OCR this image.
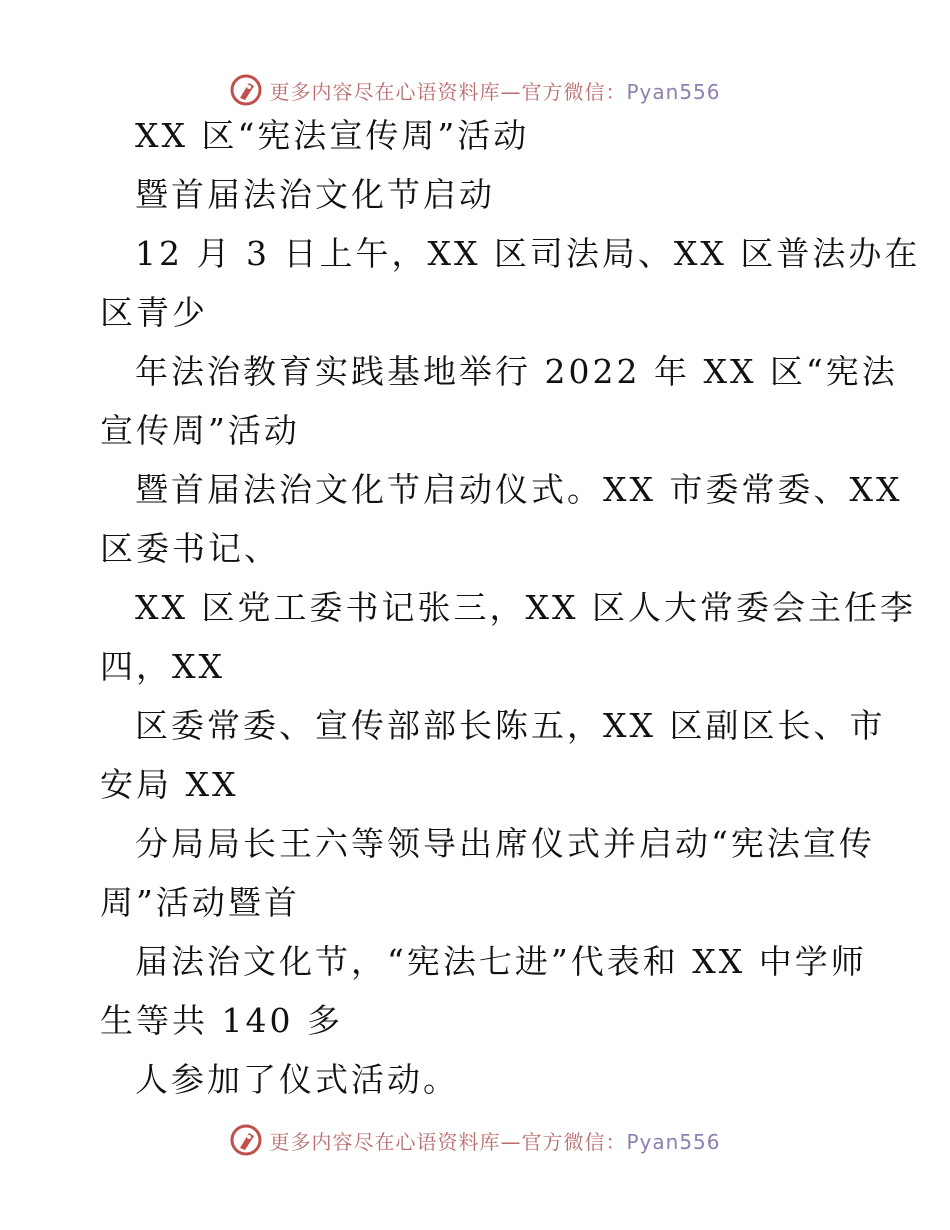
更多内容尽在心语资料库—官方微信：Pyan556
XX 区“宪法宣传周”活动
暨首届法治文化节启动
12 月 3 日上午，XX 区司法局、XX 区普法办在
区青少
年法治教育实践基地举行 2022 年 XX 区“宪法
宣传周”活动
暨首届法治文化节启动仪式。XX 市委常委、XX
区委书记、
XX 区党工委书记张三，XX 区人大常委会主任李
四，XX
区委常委、宣传部部长陈五，XX 区副区长、市
安局 XX
分局局长王六等领导出席仪式并启动“宪法宣传
周”活动暨首
届法治文化节，“宪法七进”代表和 XX 中学师
生等共 140 多
人参加了仪式活动。
更多内容尽在心语资料库—官方微信：Pyan556
